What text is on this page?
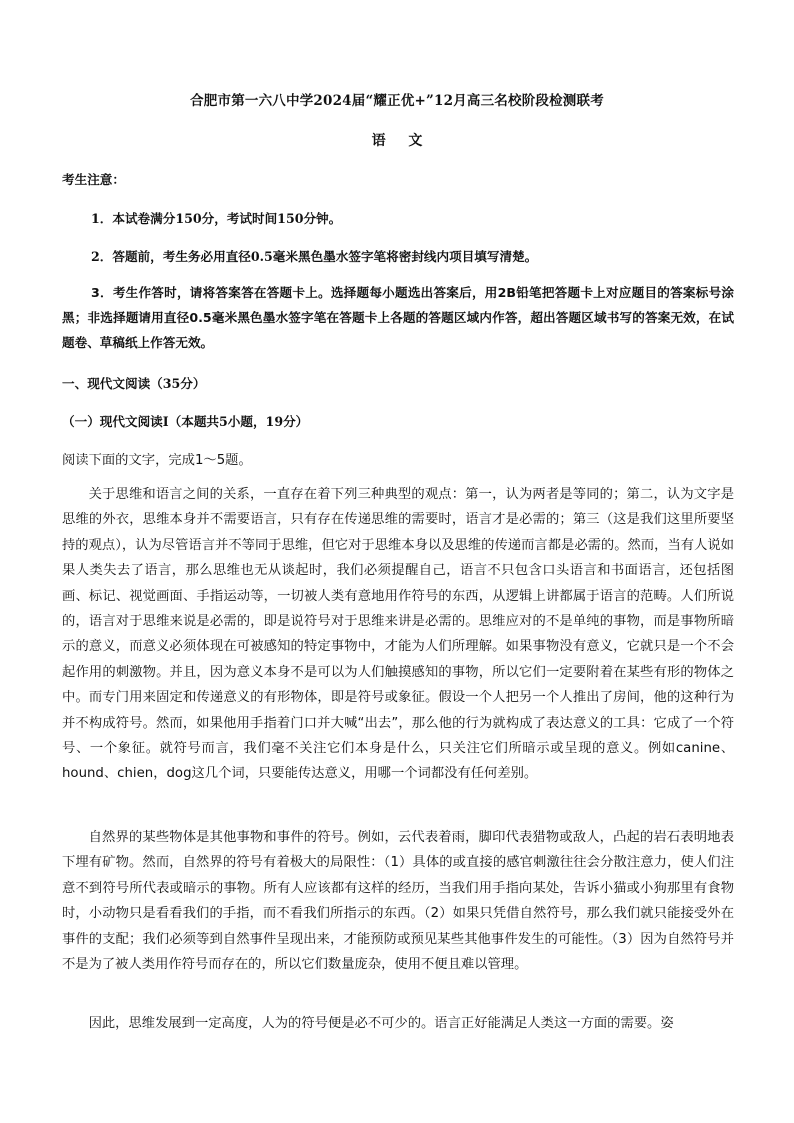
合肥市第一六八中学2024届“耀正优+”12月高三名校阶段检测联考
语 文
考生注意：
1．本试卷满分150分，考试时间150分钟。
2．答题前，考生务必用直径0.5毫米黑色墨水签字笔将密封线内项目填写清楚。

3．考生作答时，请将答案答在答题卡上。选择题每小题选出答案后，用2B铅笔把答题卡上对应题目的答案标号涂黑；非选择题请用直径0.5毫米黑色墨水签字笔在答题卡上各题的答题区域内作答，超出答题区域书写的答案无效，在试题卷、草稿纸上作答无效。

一、现代文阅读（35分）
（一）现代文阅读Ⅰ（本题共5小题，19分）
阅读下面的文字，完成1～5题。

关于思维和语言之间的关系，一直存在着下列三种典型的观点：第一，认为两者是等同的；第二，认为文字是思维的外衣，思维本身并不需要语言，只有存在传递思维的需要时，语言才是必需的；第三（这是我们这里所要坚持的观点），认为尽管语言并不等同于思维，但它对于思维本身以及思维的传递而言都是必需的。然而，当有人说如果人类失去了语言，那么思维也无从谈起时，我们必须提醒自己，语言不只包含口头语言和书面语言，还包括图画、标记、视觉画面、手指运动等，一切被人类有意地用作符号的东西，从逻辑上讲都属于语言的范畴。人们所说的，语言对于思维来说是必需的，即是说符号对于思维来讲是必需的。思维应对的不是单纯的事物，而是事物所暗示的意义，而意义必须体现在可被感知的特定事物中，才能为人们所理解。如果事物没有意义，它就只是一个不会起作用的刺激物。并且，因为意义本身不是可以为人们触摸感知的事物，所以它们一定要附着在某些有形的物体之中。而专门用来固定和传递意义的有形物体，即是符号或象征。假设一个人把另一个人推出了房间，他的这种行为并不构成符号。然而，如果他用手指着门口并大喊“出去”，那么他的行为就构成了表达意义的工具：它成了一个符号、一个象征。就符号而言，我们毫不关注它们本身是什么，只关注它们所暗示或呈现的意义。例如canine、hound、chien，dog这几个词，只要能传达意义，用哪一个词都没有任何差别。

自然界的某些物体是其他事物和事件的符号。例如，云代表着雨，脚印代表猎物或敌人，凸起的岩石表明地表下埋有矿物。然而，自然界的符号有着极大的局限性：（1）具体的或直接的感官刺激往往会分散注意力，使人们注意不到符号所代表或暗示的事物。所有人应该都有这样的经历，当我们用手指向某处，告诉小猫或小狗那里有食物时，小动物只是看看我们的手指，而不看我们所指示的东西。（2）如果只凭借自然符号，那么我们就只能接受外在事件的支配；我们必须等到自然事件呈现出来，才能预防或预见某些其他事件发生的可能性。（3）因为自然符号并不是为了被人类用作符号而存在的，所以它们数量庞杂，使用不便且难以管理。

因此，思维发展到一定高度，人为的符号便是必不可少的。语言正好能满足人类这一方面的需要。姿
